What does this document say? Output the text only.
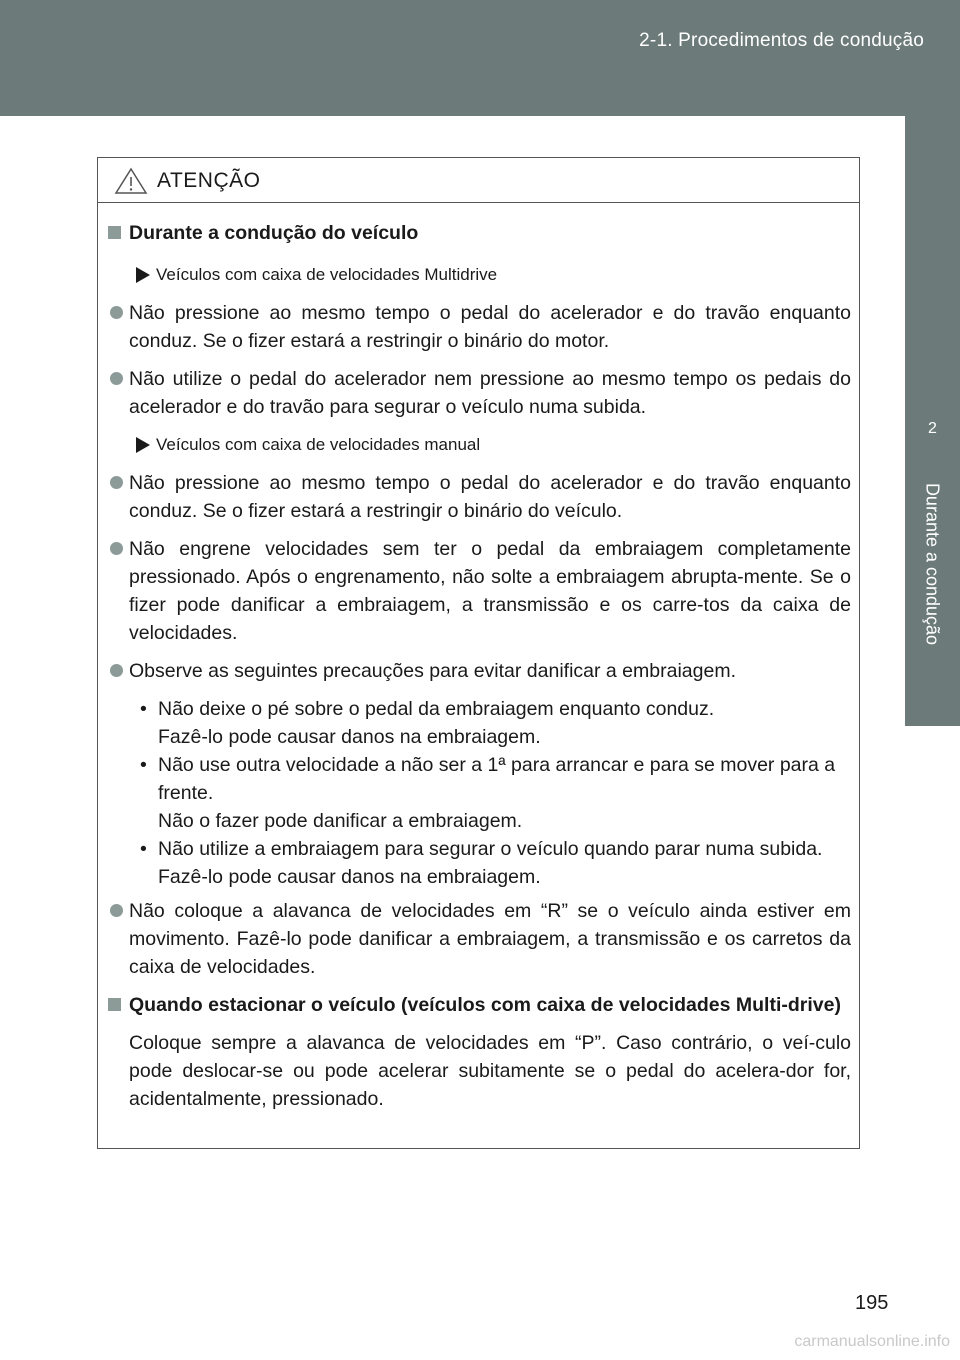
2-1. Procedimentos de condução
Durante a condução
2
ATENÇÃO
Durante a condução do veículo
Veículos com caixa de velocidades Multidrive
Não pressione ao mesmo tempo o pedal do acelerador e do travão enquanto conduz. Se o fizer estará a restringir o binário do motor.
Não utilize o pedal do acelerador nem pressione ao mesmo tempo os pedais do acelerador e do travão para segurar o veículo numa subida.
Veículos com caixa de velocidades manual
Não pressione ao mesmo tempo o pedal do acelerador e do travão enquanto conduz. Se o fizer estará a restringir o binário do veículo.
Não engrene velocidades sem ter o pedal da embraiagem completamente pressionado. Após o engrenamento, não solte a embraiagem abrupta-mente. Se o fizer pode danificar a embraiagem, a transmissão e os carre-tos da caixa de velocidades.
Observe as seguintes precauções para evitar danificar a embraiagem.
• Não deixe o pé sobre o pedal da embraiagem enquanto conduz.
Fazê-lo pode causar danos na embraiagem.
• Não use outra velocidade a não ser a 1ª para arrancar e para se mover para a frente.
Não o fazer pode danificar a embraiagem.
• Não utilize a embraiagem para segurar o veículo quando parar numa subida.
Fazê-lo pode causar danos na embraiagem.
Não coloque a alavanca de velocidades em “R” se o veículo ainda estiver em movimento. Fazê-lo pode danificar a embraiagem, a transmissão e os carretos da caixa de velocidades.
Quando estacionar o veículo (veículos com caixa de velocidades Multi-drive)
Coloque sempre a alavanca de velocidades em “P”. Caso contrário, o veí-culo pode deslocar-se ou pode acelerar subitamente se o pedal do acelera-dor for, acidentalmente, pressionado.
195
carmanualsonline.info
